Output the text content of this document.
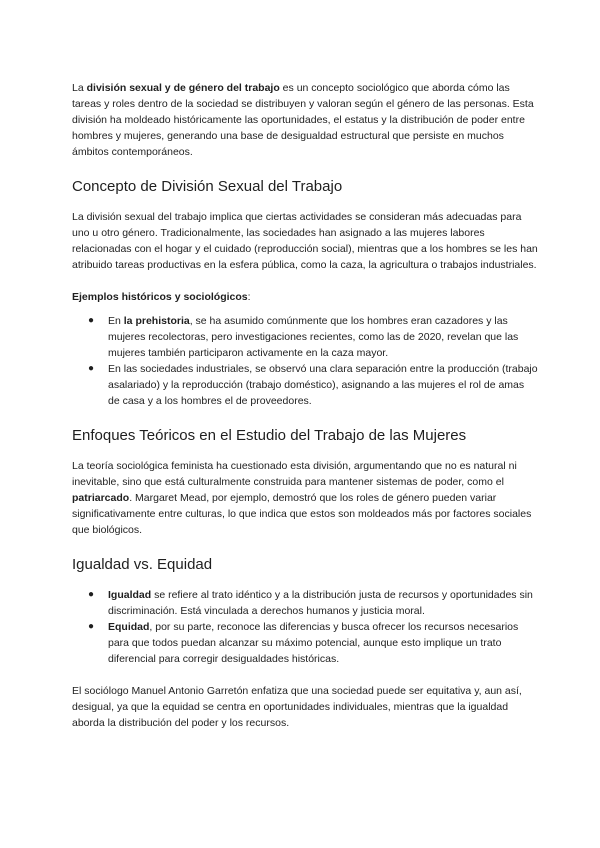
La división sexual y de género del trabajo es un concepto sociológico que aborda cómo las tareas y roles dentro de la sociedad se distribuyen y valoran según el género de las personas. Esta división ha moldeado históricamente las oportunidades, el estatus y la distribución de poder entre hombres y mujeres, generando una base de desigualdad estructural que persiste en muchos ámbitos contemporáneos.

Concepto de División Sexual del Trabajo

La división sexual del trabajo implica que ciertas actividades se consideran más adecuadas para uno u otro género. Tradicionalmente, las sociedades han asignado a las mujeres labores relacionadas con el hogar y el cuidado (reproducción social), mientras que a los hombres se les han atribuido tareas productivas en la esfera pública, como la caza, la agricultura o trabajos industriales.

Ejemplos históricos y sociológicos:

● En la prehistoria, se ha asumido comúnmente que los hombres eran cazadores y las mujeres recolectoras, pero investigaciones recientes, como las de 2020, revelan que las mujeres también participaron activamente en la caza mayor.
● En las sociedades industriales, se observó una clara separación entre la producción (trabajo asalariado) y la reproducción (trabajo doméstico), asignando a las mujeres el rol de amas de casa y a los hombres el de proveedores.
Enfoques Teóricos en el Estudio del Trabajo de las Mujeres

La teoría sociológica feminista ha cuestionado esta división, argumentando que no es natural ni inevitable, sino que está culturalmente construida para mantener sistemas de poder, como el patriarcado. Margaret Mead, por ejemplo, demostró que los roles de género pueden variar significativamente entre culturas, lo que indica que estos son moldeados más por factores sociales que biológicos.

Igualdad vs. Equidad
● Igualdad se refiere al trato idéntico y a la distribución justa de recursos y oportunidades sin discriminación. Está vinculada a derechos humanos y justicia moral.
● Equidad, por su parte, reconoce las diferencias y busca ofrecer los recursos necesarios para que todos puedan alcanzar su máximo potencial, aunque esto implique un trato diferencial para corregir desigualdades históricas.

El sociólogo Manuel Antonio Garretón enfatiza que una sociedad puede ser equitativa y, aun así, desigual, ya que la equidad se centra en oportunidades individuales, mientras que la igualdad aborda la distribución del poder y los recursos.
